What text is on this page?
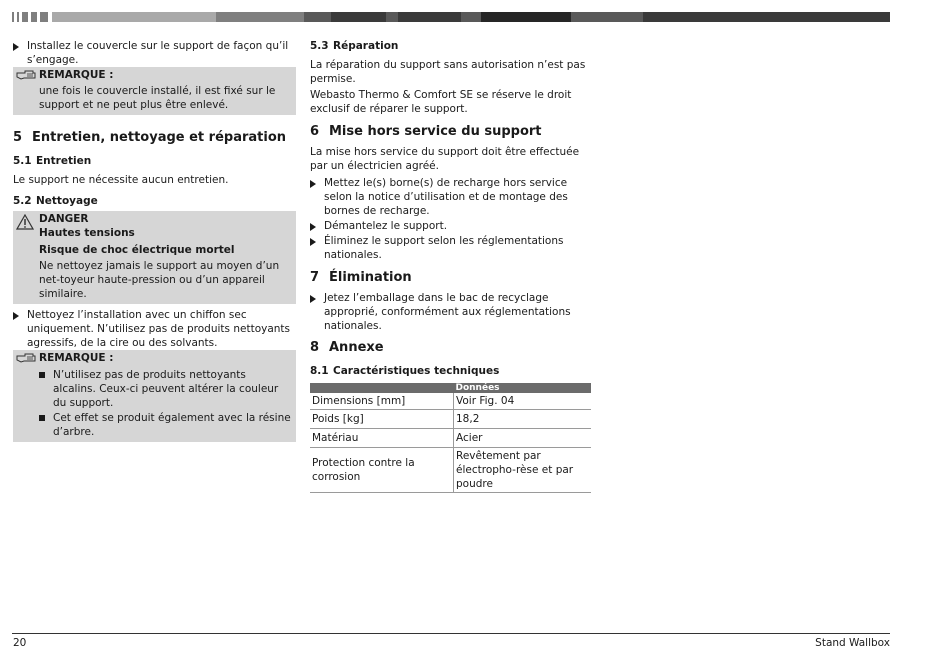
Installez le couvercle sur le support de façon qu’il s’engage.

REMARQUE :

une fois le couvercle installé, il est fixé sur le support et ne peut plus être enlevé.

5 Entretien, nettoyage et réparation
5.1 Entretien

Le support ne nécessite aucun entretien.

5.2 Nettoyage

DANGER

Hautes tensions

Risque de choc électrique mortel

Ne nettoyez jamais le support au moyen d’un net-toyeur haute-pression ou d’un appareil similaire.

Nettoyez l’installation avec un chiffon sec uniquement. N’utilisez pas de produits nettoyants agressifs, de la cire ou des solvants.

REMARQUE :

N’utilisez pas de produits nettoyants alcalins. Ceux-ci peuvent altérer la couleur du support.

Cet effet se produit également avec la résine d’arbre.

5.3 Réparation

La réparation du support sans autorisation n’est pas permise.

Webasto Thermo & Comfort SE se réserve le droit exclusif de réparer le support.

6 Mise hors service du support

La mise hors service du support doit être effectuée par un électricien agréé.

Mettez le(s) borne(s) de recharge hors service selon la notice d’utilisation et de montage des bornes de recharge.

Démantelez le support.

Éliminez le support selon les réglementations nationales.

7 Élimination

Jetez l’emballage dans le bac de recyclage approprié, conformément aux réglementations nationales.

8 Annexe
8.1 Caractéristiques techniques
	Données
Dimensions [mm]	Voir Fig. 04
Poids [kg]	18,2
Matériau	Acier
Protection contre la corrosion	Revêtement par électropho-rèse et par poudre
20	Stand Wallbox
